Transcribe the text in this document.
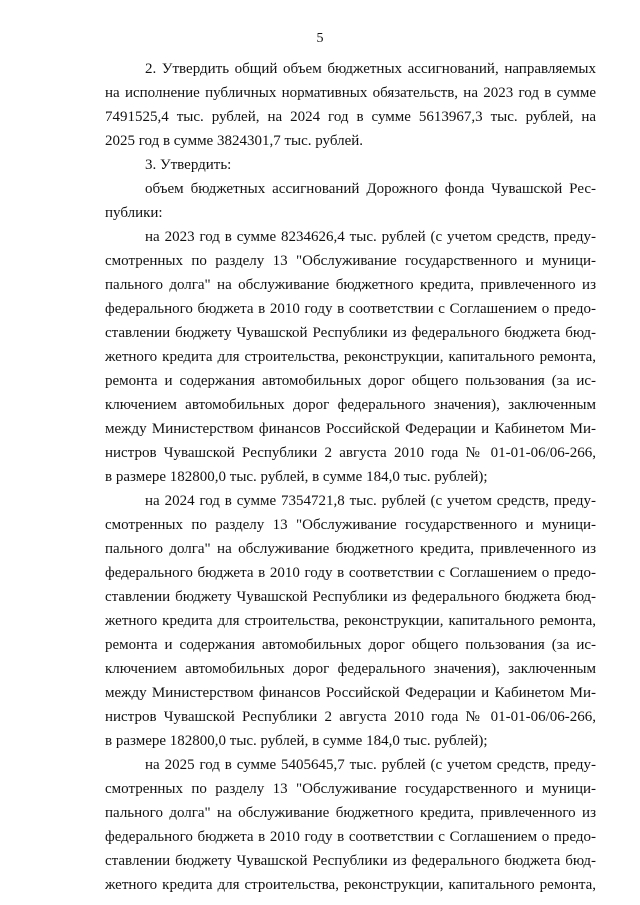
5
2. Утвердить общий объем бюджетных ассигнований, направляемых
на исполнение публичных нормативных обязательств, на 2023 год в сумме
7491525,4 тыс. рублей, на 2024 год в сумме 5613967,3 тыс. рублей, на
2025 год в сумме 3824301,7 тыс. рублей.
3. Утвердить:
объем бюджетных ассигнований Дорожного фонда Чувашской Рес-
публики:
на 2023 год в сумме 8234626,4 тыс. рублей (с учетом средств, преду-
смотренных по разделу 13 "Обслуживание государственного и муници-
пального долга" на обслуживание бюджетного кредита, привлеченного из
федерального бюджета в 2010 году в соответствии с Соглашением о предо-
ставлении бюджету Чувашской Республики из федерального бюджета бюд-
жетного кредита для строительства, реконструкции, капитального ремонта,
ремонта и содержания автомобильных дорог общего пользования (за ис-
ключением автомобильных дорог федерального значения), заключенным
между Министерством финансов Российской Федерации и Кабинетом Ми-
нистров Чувашской Республики 2 августа 2010 года № 01-01-06/06-266,
в размере 182800,0 тыс. рублей, в сумме 184,0 тыс. рублей);
на 2024 год в сумме 7354721,8 тыс. рублей (с учетом средств, преду-
смотренных по разделу 13 "Обслуживание государственного и муници-
пального долга" на обслуживание бюджетного кредита, привлеченного из
федерального бюджета в 2010 году в соответствии с Соглашением о предо-
ставлении бюджету Чувашской Республики из федерального бюджета бюд-
жетного кредита для строительства, реконструкции, капитального ремонта,
ремонта и содержания автомобильных дорог общего пользования (за ис-
ключением автомобильных дорог федерального значения), заключенным
между Министерством финансов Российской Федерации и Кабинетом Ми-
нистров Чувашской Республики 2 августа 2010 года № 01-01-06/06-266,
в размере 182800,0 тыс. рублей, в сумме 184,0 тыс. рублей);
на 2025 год в сумме 5405645,7 тыс. рублей (с учетом средств, преду-
смотренных по разделу 13 "Обслуживание государственного и муници-
пального долга" на обслуживание бюджетного кредита, привлеченного из
федерального бюджета в 2010 году в соответствии с Соглашением о предо-
ставлении бюджету Чувашской Республики из федерального бюджета бюд-
жетного кредита для строительства, реконструкции, капитального ремонта,
